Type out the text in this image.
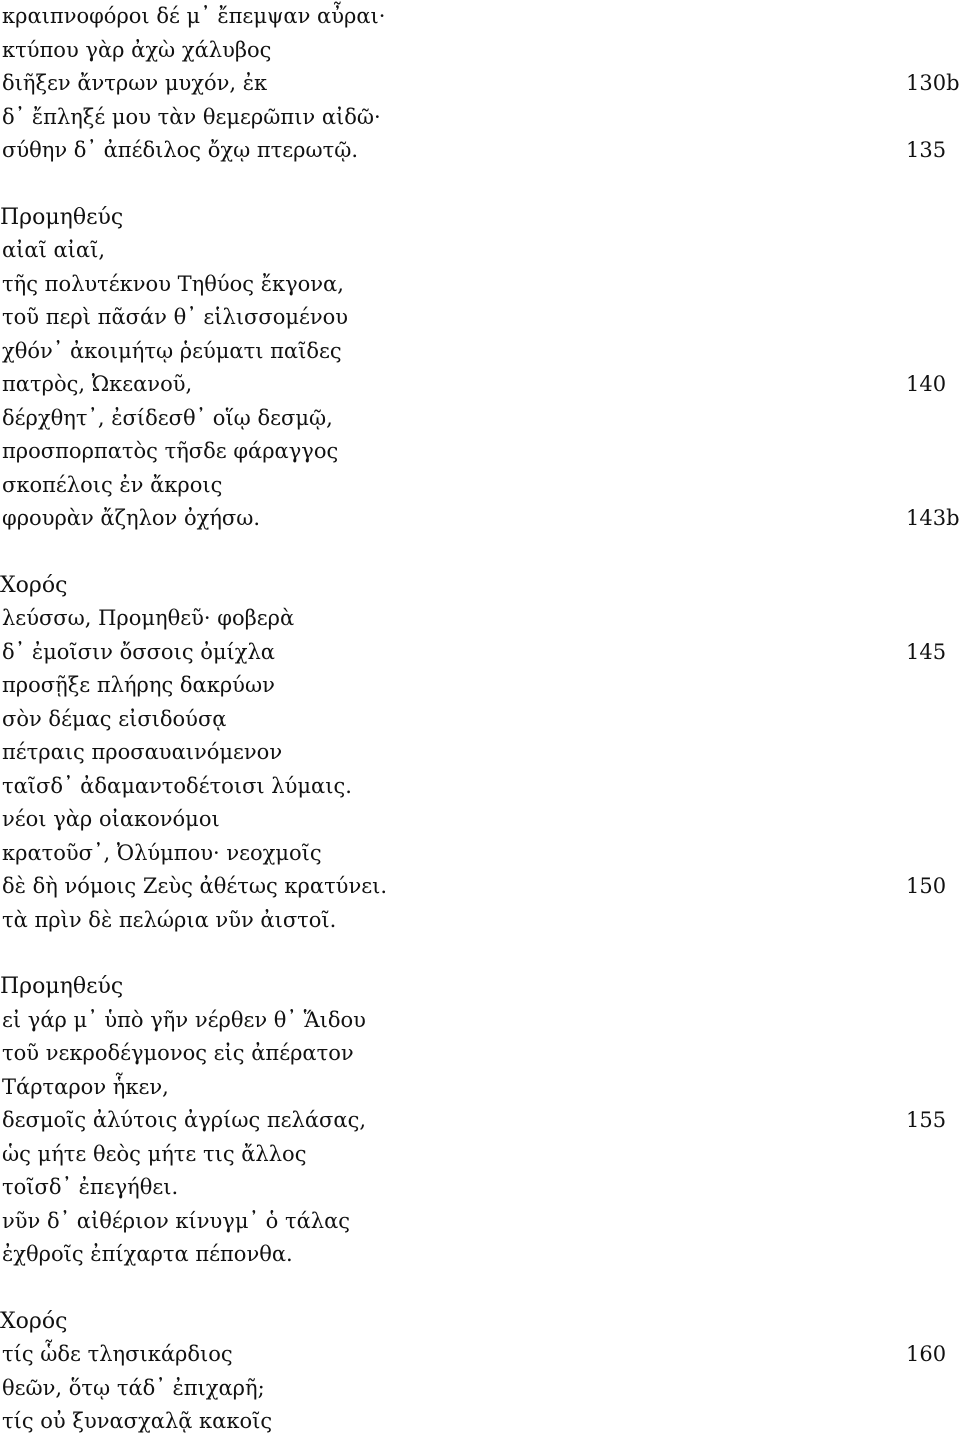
κραιπνοφόροι δέ μ᾽ ἔπεμψαν αὖραι·
κτύπου γὰρ ἀχὼ χάλυβος
διῆξεν ἄντρων μυχόν, ἐκ	130b
δ᾽ ἔπληξέ μου τὰν θεμερῶπιν αἰδῶ·
σύθην δ᾽ ἀπέδιλος ὄχῳ πτερωτῷ.	135
Προμηθεύς
αἰαῖ αἰαῖ,
τῆς πολυτέκνου Τηθύος ἔκγονα,
τοῦ περὶ πᾶσάν θ᾽ εἱλισσομένου
χθόν᾽ ἀκοιμήτῳ ῥεύματι παῖδες
πατρὸς, Ὠκεανοῦ,	140
δέρχθητ᾽, ἐσίδεσθ᾽ οἵῳ δεσμῷ,
προσπορπατὸς τῆσδε φάραγγος
σκοπέλοις ἐν ἄκροις
φρουρὰν ἄζηλον ὀχήσω.	143b
Χορός
λεύσσω, Προμηθεῦ· φοβερὰ
δ᾽ ἐμοῖσιν ὄσσοις ὀμίχλα	145
προσῇξε πλήρης δακρύων
σὸν δέμας εἰσιδούσᾳ
πέτραις προσαυαινόμενον
ταῖσδ᾽ ἀδαμαντοδέτοισι λύμαις.
νέοι γὰρ οἰακονόμοι
κρατοῦσ᾽, Ὀλύμπου· νεοχμοῖς
δὲ δὴ νόμοις Ζεὺς ἀθέτως κρατύνει.	150
τὰ πρὶν δὲ πελώρια νῦν ἀιστοῖ.
Προμηθεύς
εἰ γάρ μ᾽ ὑπὸ γῆν νέρθεν θ᾽ Ἅιδου
τοῦ νεκροδέγμονος εἰς ἀπέρατον
Τάρταρον ἧκεν,
δεσμοῖς ἀλύτοις ἀγρίως πελάσας,	155
ὡς μήτε θεὸς μήτε τις ἄλλος
τοῖσδ᾽ ἐπεγήθει.
νῦν δ᾽ αἰθέριον κίνυγμ᾽ ὁ τάλας
ἐχθροῖς ἐπίχαρτα πέπονθα.
Χορός
τίς ὧδε τλησικάρδιος	160
θεῶν, ὅτῳ τάδ᾽ ἐπιχαρῆ;
τίς οὐ ξυνασχαλᾷ κακοῖς
